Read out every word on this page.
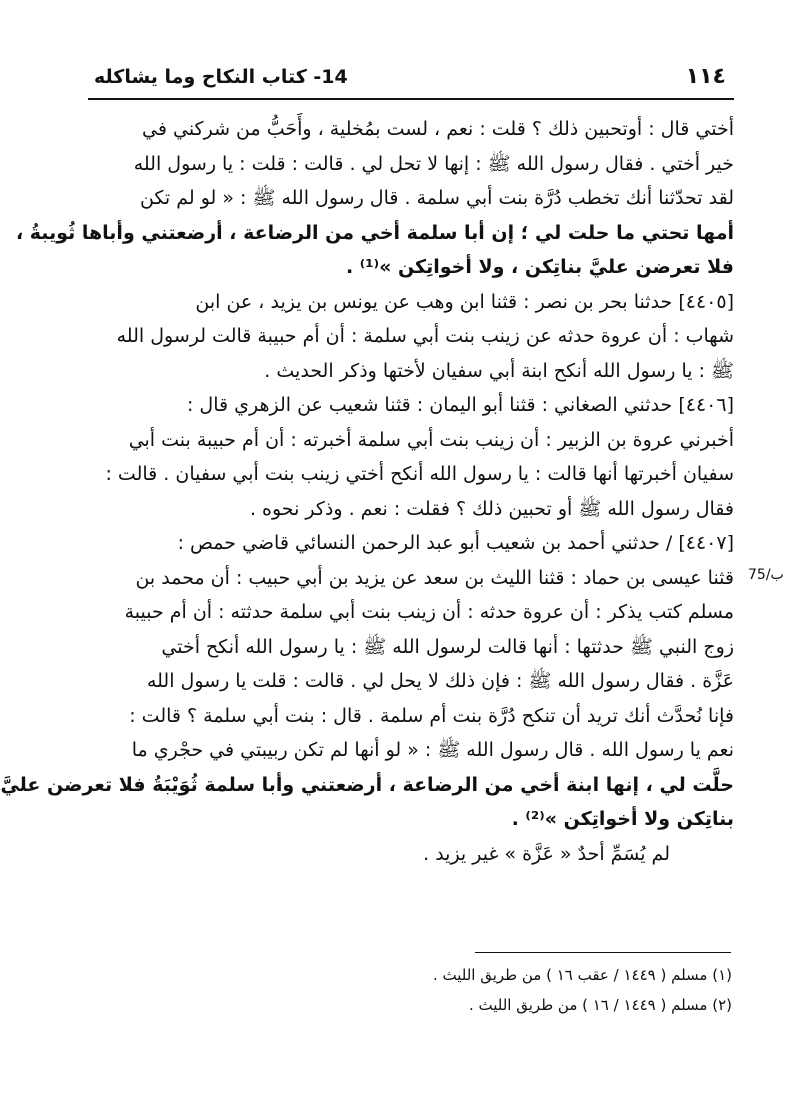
١١٤
14- كتاب النكاح وما يشاكله

أختي قال : أوتحبين ذلك ؟ قلت : نعم ، لست بمُخلية ، وأَحَبُّ من شركني في
خير أختي . فقال رسول الله ﷺ : إنها لا تحل لي . قالت : قلت : يا رسول الله
لقد تحدّثنا أنك تخطب دُرَّة بنت أبي سلمة . قال رسول الله ﷺ : « لو لم تكن
أمها تحتي ما حلت لي ؛ إن أبا سلمة أخي من الرضاعة ، أرضعتني وأباها ثُويبةُ ،
فلا تعرضن عليَّ بناتِكن ، ولا أخواتِكن »⁽¹⁾ .

[٤٤٠٥] حدثنا بحر بن نصر : قثنا ابن وهب عن يونس بن يزيد ، عن ابن
شهاب : أن عروة حدثه عن زينب بنت أبي سلمة : أن أم حبيبة قالت لرسول الله
ﷺ : يا رسول الله أنكح ابنة أبي سفيان لأختها وذكر الحديث .

[٤٤٠٦] حدثني الصغاني : قثنا أبو اليمان : قثنا شعيب عن الزهري قال :
أخبرني عروة بن الزبير : أن زينب بنت أبي سلمة أخبرته : أن أم حبيبة بنت أبي
سفيان أخبرتها أنها قالت : يا رسول الله أنكح أختي زينب بنت أبي سفيان . قالت :
فقال رسول الله ﷺ أو تحبين ذلك ؟ فقلت : نعم . وذكر نحوه .

[٤٤٠٧] / حدثني أحمد بن شعيب أبو عبد الرحمن النسائي قاضي حمص :
قثنا عيسى بن حماد : قثنا الليث بن سعد عن يزيد بن أبي حبيب : أن محمد بن
مسلم كتب يذكر : أن عروة حدثه : أن زينب بنت أبي سلمة حدثته : أن أم حبيبة
زوج النبي ﷺ حدثتها : أنها قالت لرسول الله ﷺ : يا رسول الله أنكح أختي
عَزَّة . فقال رسول الله ﷺ : فإن ذلك لا يحل لي . قالت : قلت يا رسول الله
فإنا نُحدَّث أنك تريد أن تنكح دُرَّة بنت أم سلمة . قال : بنت أبي سلمة ؟ قالت :
نعم يا رسول الله . قال رسول الله ﷺ : « لو أنها لم تكن ربيبتي في حجْري ما
حلَّت لي ، إنها ابنة أخي من الرضاعة ، أرضعتني وأبا سلمة ثُوَيْبَةُ فلا تعرضن عليَّ
بناتِكن ولا أخواتِكن »⁽²⁾ .

لم يُسَمِّ أحدٌ « عَزَّة » غير يزيد .

75/ب
(١) مسلم ( ١٤٤٩ / عقب ١٦ ) من طريق الليث .
(٢) مسلم ( ١٤٤٩ / ١٦ ) من طريق الليث .
